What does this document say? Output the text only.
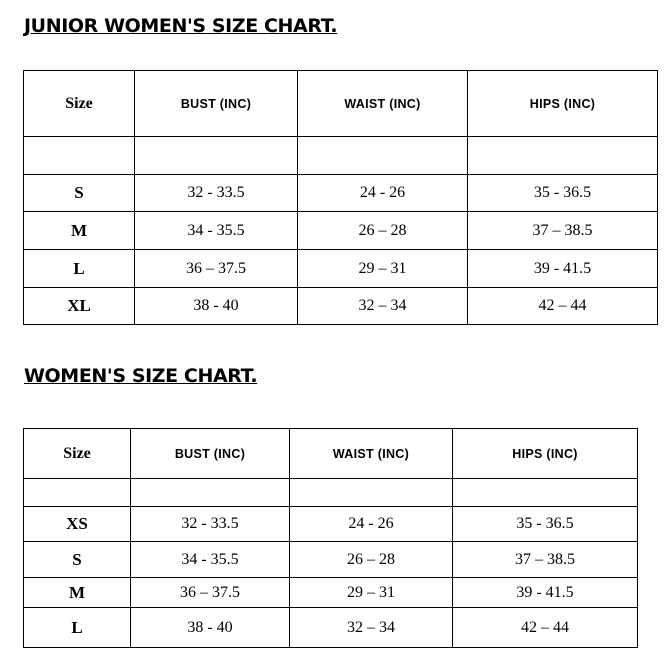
JUNIOR WOMEN'S SIZE CHART.
Size	BUST (INC)	WAIST (INC)	HIPS (INC)

S	32 - 33.5	24 - 26	35 - 36.5
M	34 - 35.5	26 – 28	37 – 38.5
L	36 – 37.5	29 – 31	39 - 41.5
XL	38 - 40	32 – 34	42 – 44
WOMEN'S SIZE CHART.
Size	BUST (INC)	WAIST (INC)	HIPS (INC)

XS	32 - 33.5	24 - 26	35 - 36.5
S	34 - 35.5	26 – 28	37 – 38.5
M	36 – 37.5	29 – 31	39 - 41.5
L	38 - 40	32 – 34	42 – 44
